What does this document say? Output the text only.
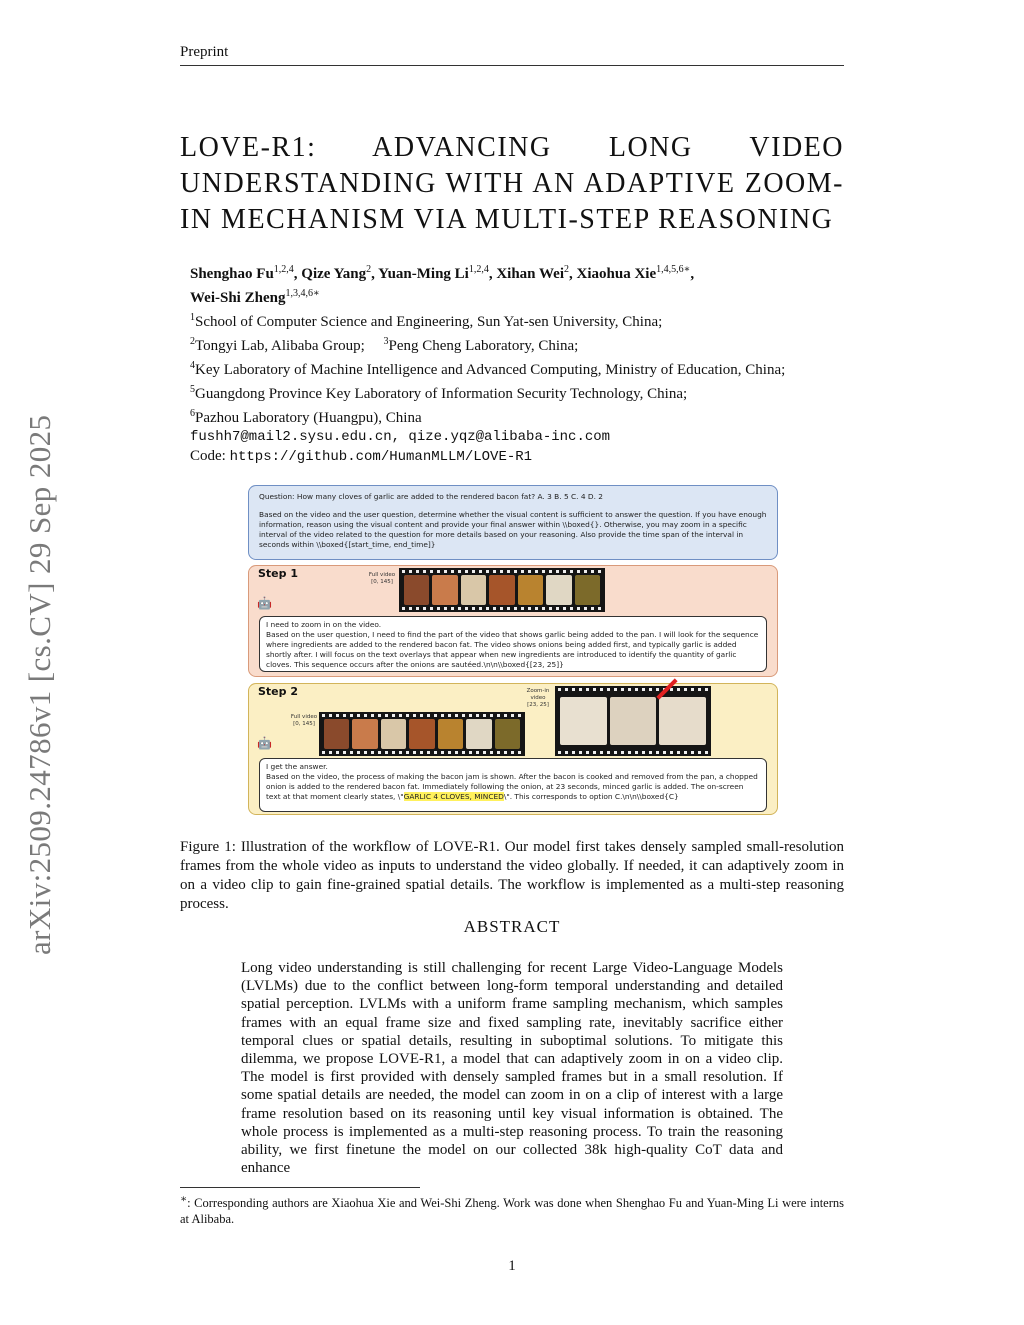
Preprint
arXiv:2509.24786v1 [cs.CV] 29 Sep 2025
LOVE-R1: ADVANCING LONG VIDEO UNDERSTANDING WITH AN ADAPTIVE ZOOM-IN MECHANISM VIA MULTI-STEP REASONING
Shenghao Fu$^{1,2,4}$, Qize Yang$^2$, Yuan-Ming Li$^{1,2,4}$, Xihan Wei$^2$, Xiaohua Xie$^{1,4,5,6∗}$,
Wei-Shi Zheng$^{1,3,4,6∗}$
$^1$School of Computer Science and Engineering, Sun Yat-sen University, China;
$^2$Tongyi Lab, Alibaba Group; $^3$Peng Cheng Laboratory, China;
$^4$Key Laboratory of Machine Intelligence and Advanced Computing, Ministry of Education, China;
$^5$Guangdong Province Key Laboratory of Information Security Technology, China;
$^6$Pazhou Laboratory (Huangpu), China
fushh7@mail2.sysu.edu.cn, qize.yqz@alibaba-inc.com
Code: https://github.com/HumanMLLM/LOVE-R1
Question: How many cloves of garlic are added to the rendered bacon fat? A. 3 B. 5 C. 4 D. 2
Based on the video and the user question, determine whether the visual content is sufficient to answer the question. If you have enough information, reason using the visual content and provide your final answer within \\boxed{}. Otherwise, you may zoom in a specific interval of the video related to the question for more details based on your reasoning. Also provide the time span of the interval in seconds within \\boxed{[start_time, end_time]}
Step 1	Full video
[0, 145]
🤖
I need to zoom in on the video.
Based on the user question, I need to find the part of the video that shows garlic being added to the pan. I will look for the sequence where ingredients are added to the rendered bacon fat. The video shows onions being added first, and typically garlic is added shortly after. I will focus on the text overlays that appear when new ingredients are introduced to identify the quantity of garlic cloves. This sequence occurs after the onions are sautéed.\n\n\\boxed{[23, 25]}
Step 2	Zoom-in video
[23, 25]
Full video
[0, 145]
🤖
I get the answer.
Based on the video, the process of making the bacon jam is shown. After the bacon is cooked and removed from the pan, a chopped onion is added to the rendered bacon fat. Immediately following the onion, at 23 seconds, minced garlic is added. The on-screen text at that moment clearly states, \"GARLIC 4 CLOVES, MINCED\". This corresponds to option C.\n\n\\boxed{C}
Figure 1: Illustration of the workflow of LOVE-R1. Our model first takes densely sampled small-resolution frames from the whole video as inputs to understand the video globally. If needed, it can adaptively zoom in on a video clip to gain fine-grained spatial details. The workflow is implemented as a multi-step reasoning process.
ABSTRACT
Long video understanding is still challenging for recent Large Video-Language Models (LVLMs) due to the conflict between long-form temporal understanding and detailed spatial perception. LVLMs with a uniform frame sampling mechanism, which samples frames with an equal frame size and fixed sampling rate, inevitably sacrifice either temporal clues or spatial details, resulting in suboptimal solutions. To mitigate this dilemma, we propose LOVE-R1, a model that can adaptively zoom in on a video clip. The model is first provided with densely sampled frames but in a small resolution. If some spatial details are needed, the model can zoom in on a clip of interest with a large frame resolution based on its reasoning until key visual information is obtained. The whole process is implemented as a multi-step reasoning process. To train the reasoning ability, we first finetune the model on our collected 38k high-quality CoT data and enhance
∗: Corresponding authors are Xiaohua Xie and Wei-Shi Zheng. Work was done when Shenghao Fu and Yuan-Ming Li were interns at Alibaba.
1
